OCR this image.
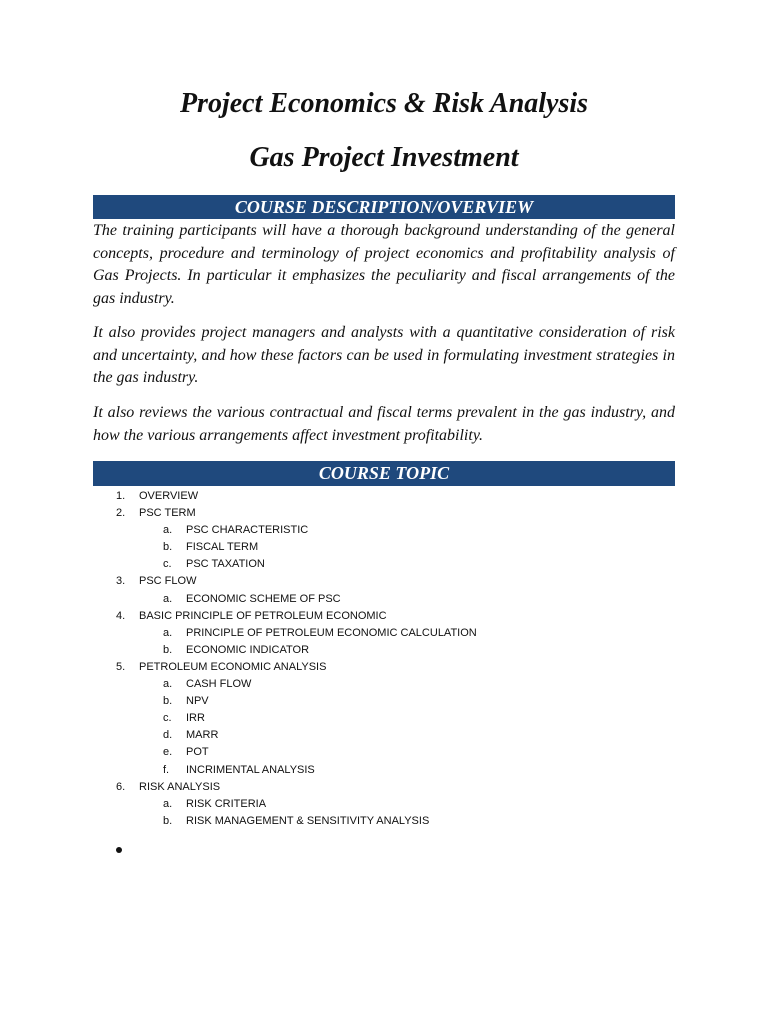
Project Economics & Risk Analysis
Gas Project Investment
COURSE DESCRIPTION/OVERVIEW

The training participants will have a thorough background understanding of the general concepts, procedure and terminology of project economics and profitability analysis of Gas Projects. In particular it emphasizes the peculiarity and fiscal arrangements of the gas industry.

It also provides project managers and analysts with a quantitative consideration of risk and uncertainty, and how these factors can be used in formulating investment strategies in the gas industry.

It also reviews the various contractual and fiscal terms prevalent in the gas industry, and how the various arrangements affect investment profitability.

COURSE TOPIC
1. OVERVIEW
2. PSC TERM
a. PSC CHARACTERISTIC
b. FISCAL TERM
c. PSC TAXATION
3. PSC FLOW
a. ECONOMIC SCHEME OF PSC
4. BASIC PRINCIPLE OF PETROLEUM ECONOMIC
a. PRINCIPLE OF PETROLEUM ECONOMIC CALCULATION
b. ECONOMIC INDICATOR
5. PETROLEUM ECONOMIC ANALYSIS
a. CASH FLOW
b. NPV
c. IRR
d. MARR
e. POT
f. INCRIMENTAL ANALYSIS
6. RISK ANALYSIS
a. RISK CRITERIA
b. RISK MANAGEMENT & SENSITIVITY ANALYSIS
